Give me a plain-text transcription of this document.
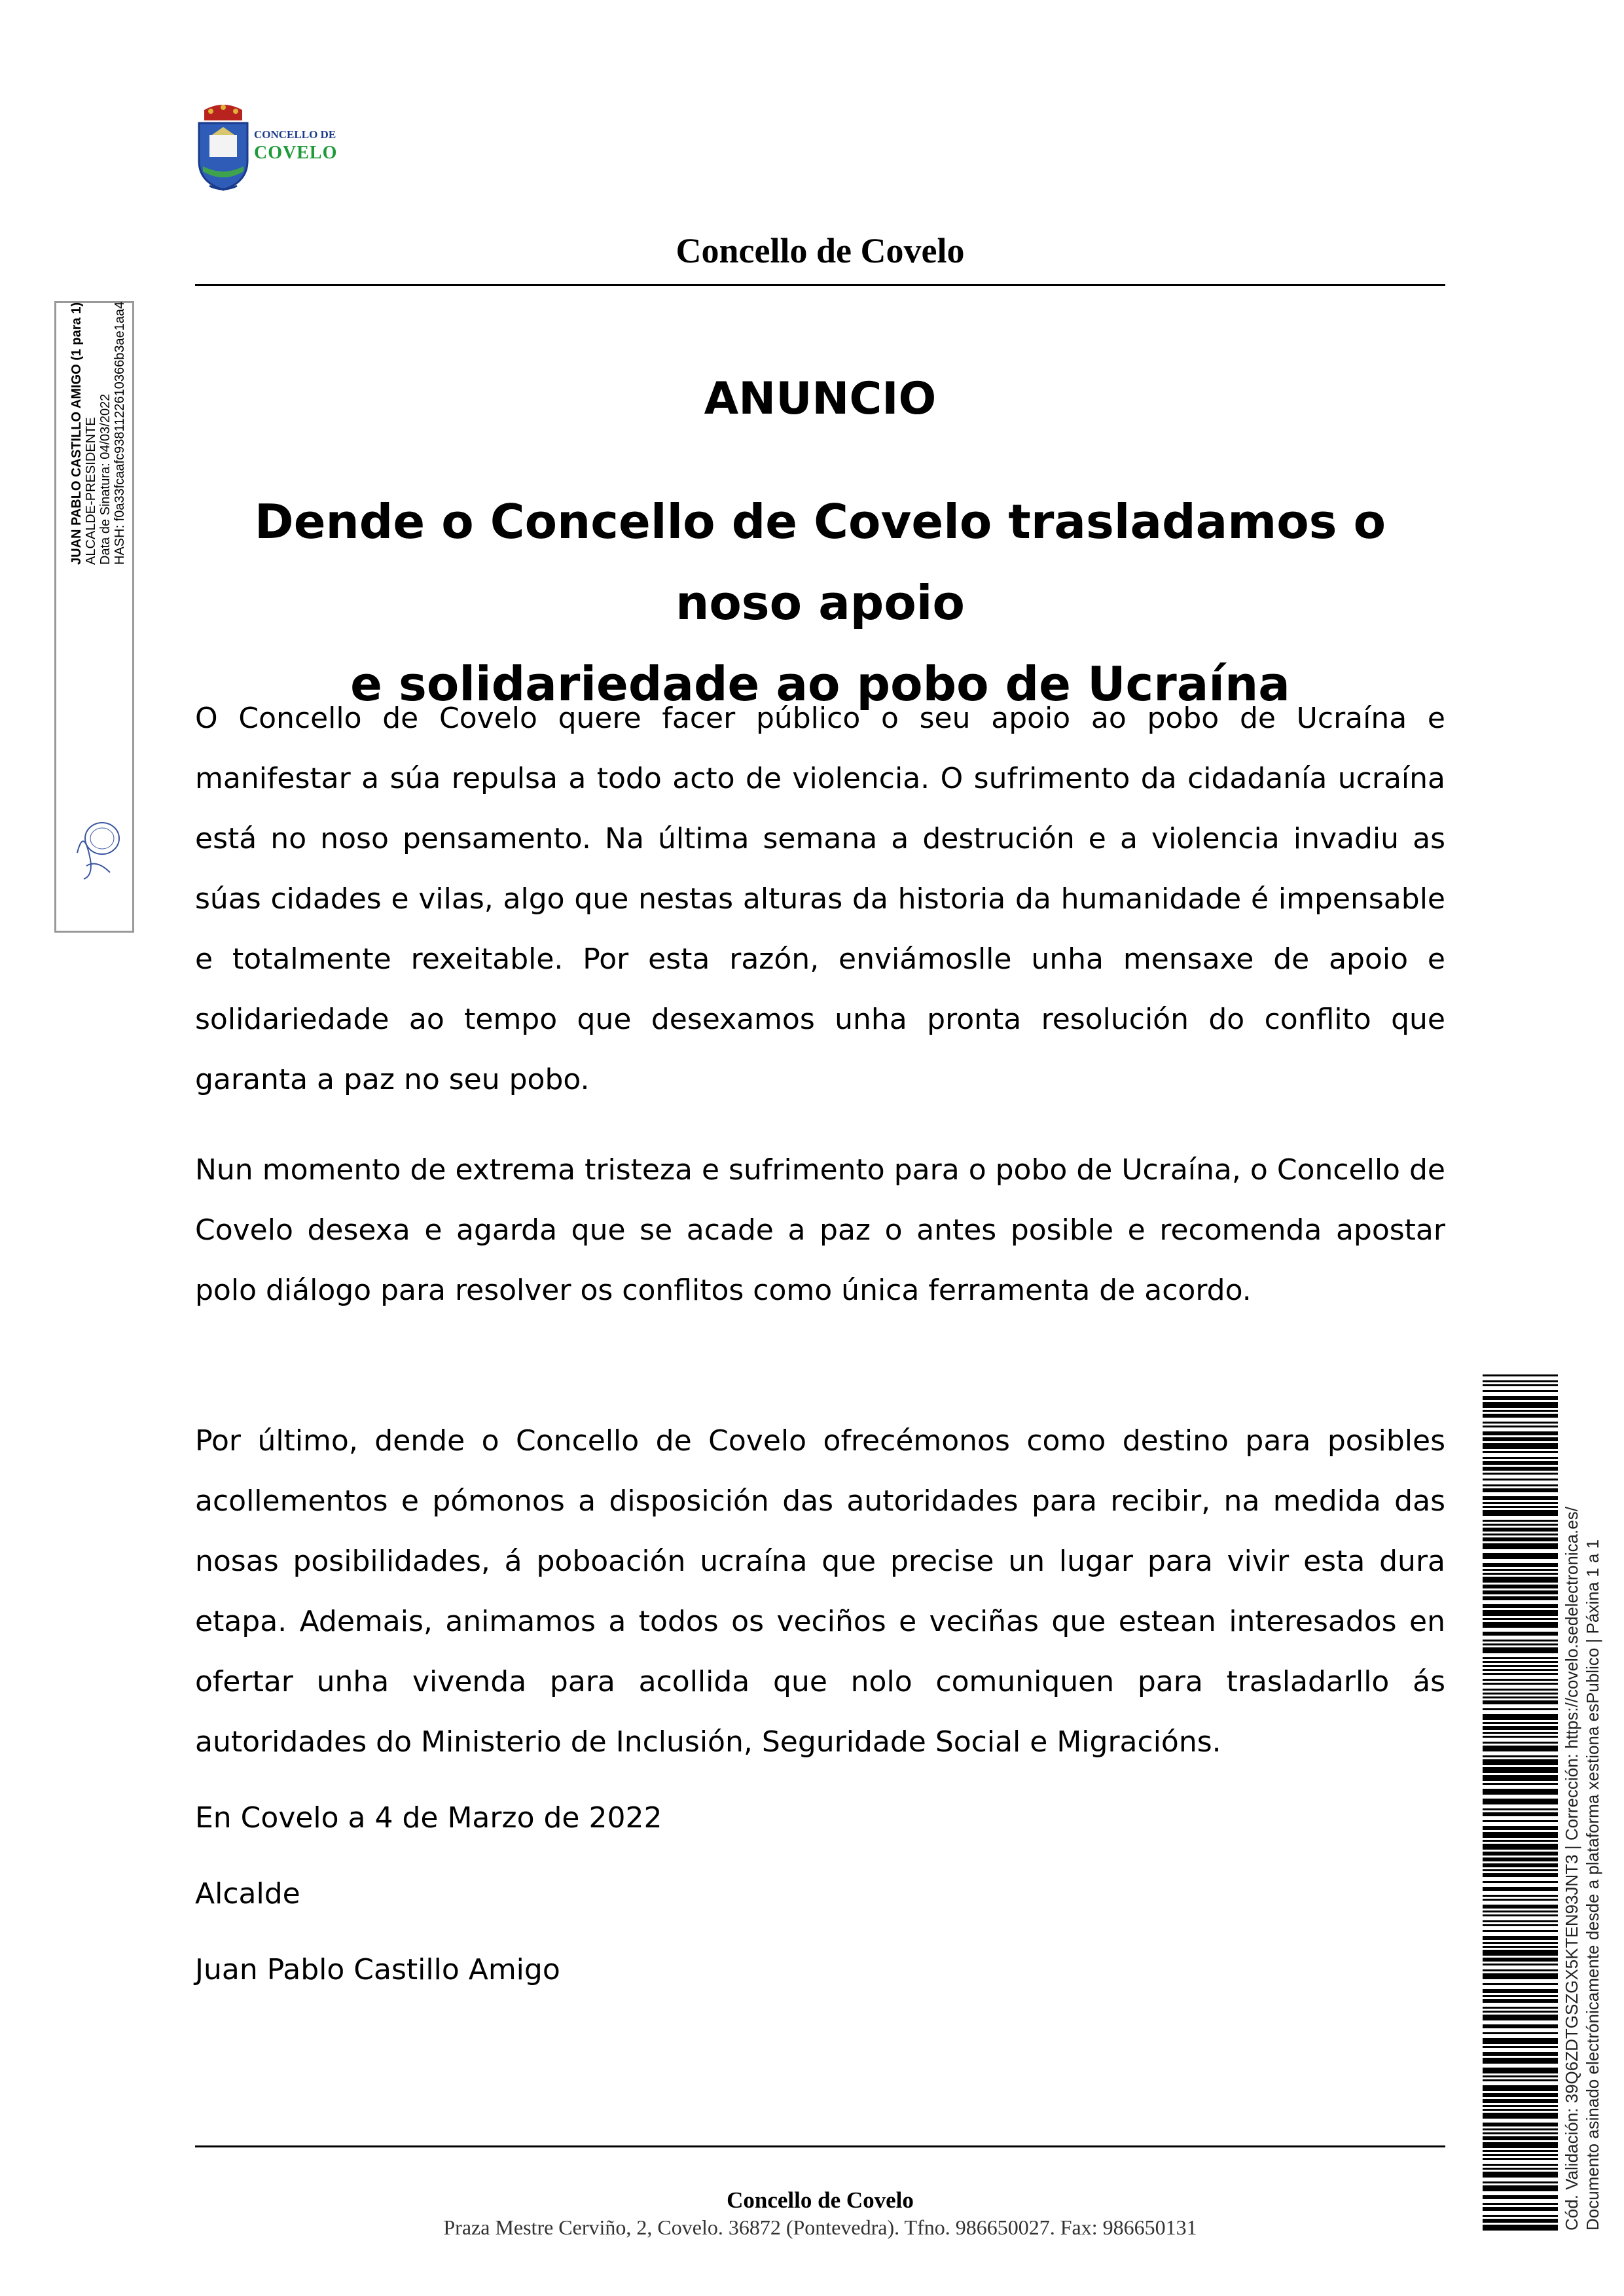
CONCELLO DE
COVELO
Concello de Covelo
ANUNCIO
Dende o Concello de Covelo trasladamos o noso apoio
e solidariedade ao pobo de Ucraína
O Concello de Covelo quere facer público o seu apoio ao pobo de Ucraína e manifestar a súa repulsa a todo acto de violencia. O sufrimento da cidadanía ucraína está no noso pensamento. Na última semana a destrución e a violencia invadiu as súas cidades e vilas, algo que nestas alturas da historia da humanidade é impensable e totalmente rexeitable. Por esta razón, enviámoslle unha mensaxe de apoio e solidariedade ao tempo que desexamos unha pronta resolución do conflito que garanta a paz no seu pobo.
Nun momento de extrema tristeza e sufrimento para o pobo de Ucraína, o Concello de Covelo desexa e agarda que se acade a paz o antes posible e recomenda apostar polo diálogo para resolver os conflitos como única ferramenta de acordo.
Por último, dende o Concello de Covelo ofrecémonos como destino para posibles acollementos e pómonos a disposición das autoridades para recibir, na medida das nosas posibilidades, á poboación ucraína que precise un lugar para vivir esta dura etapa. Ademais, animamos a todos os veciños e veciñas que estean interesados en ofertar unha vivenda para acollida que nolo comuniquen para trasladarllo ás autoridades do Ministerio de Inclusión, Seguridade Social e Migracións.
En Covelo a 4 de Marzo de 2022
Alcalde
Juan Pablo Castillo Amigo
Concello de Covelo
Praza Mestre Cerviño, 2, Covelo. 36872 (Pontevedra). Tfno. 986650027. Fax: 986650131
JUAN PABLO CASTILLO AMIGO (1 para 1) ALCALDE-PRESIDENTE Data de Sinatura: 04/03/2022 HASH: f0a33fcaafc9381122610366b3ae1aa4
Cód. Validación: 39Q6ZDTGSZGX5KTEN93JNT3 | Corrección: https://covelo.sedelectronica.es/ Documento asinado electrónicamente desde a plataforma xestiona esPublico | Páxina 1 a 1
